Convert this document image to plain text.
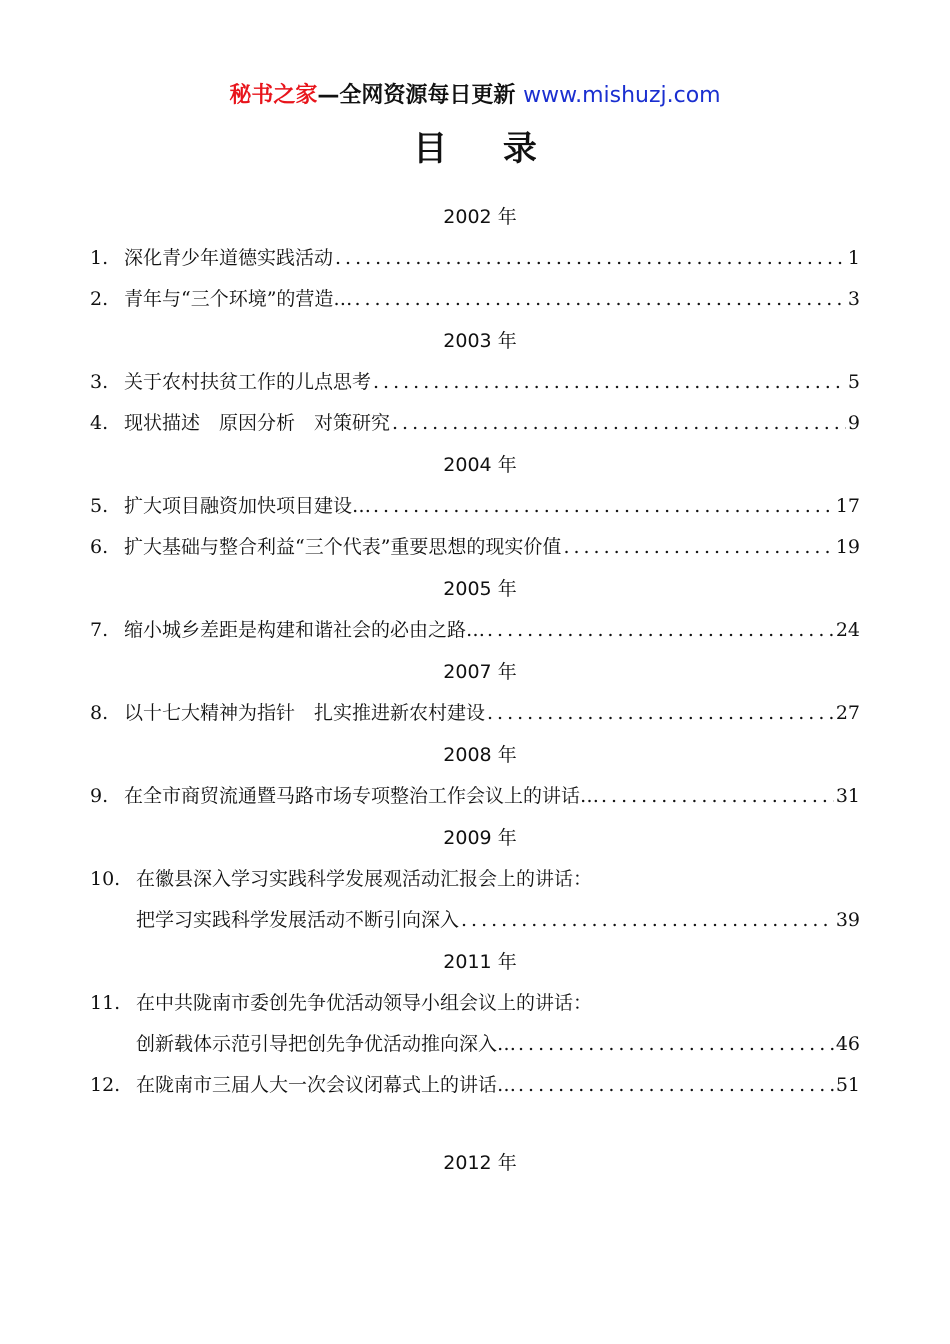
秘书之家—全网资源每日更新 www.mishuzj.com
目 录
2002 年
1. 深化青少年道德实践活动 .....	1
2. 青年与“三个环境”的营造… .....	3
2003 年
3. 关于农村扶贫工作的儿点思考 .....	5
4. 现状描述　原因分析　对策研究 .....	9
2004 年
5. 扩大项目融资加快项目建设… .....	17
6. 扩大基础与整合利益“三个代表”重要思想的现实价值 .....	19
2005 年
7. 缩小城乡差距是构建和谐社会的必由之路… .....	24
2007 年
8. 以十七大精神为指针　扎实推进新农村建设 .....	27
2008 年
9. 在全市商贸流通暨马路市场专项整治工作会议上的讲话… .....	31
2009 年
10. 在徽县深入学习实践科学发展观活动汇报会上的讲话：
把学习实践科学发展活动不断引向深入 .....	39
2011 年
11. 在中共陇南市委创先争优活动领导小组会议上的讲话：
创新载体示范引导把创先争优活动推向深入… .....	46
12. 在陇南市三届人大一次会议闭幕式上的讲话… .....	51
2012 年
